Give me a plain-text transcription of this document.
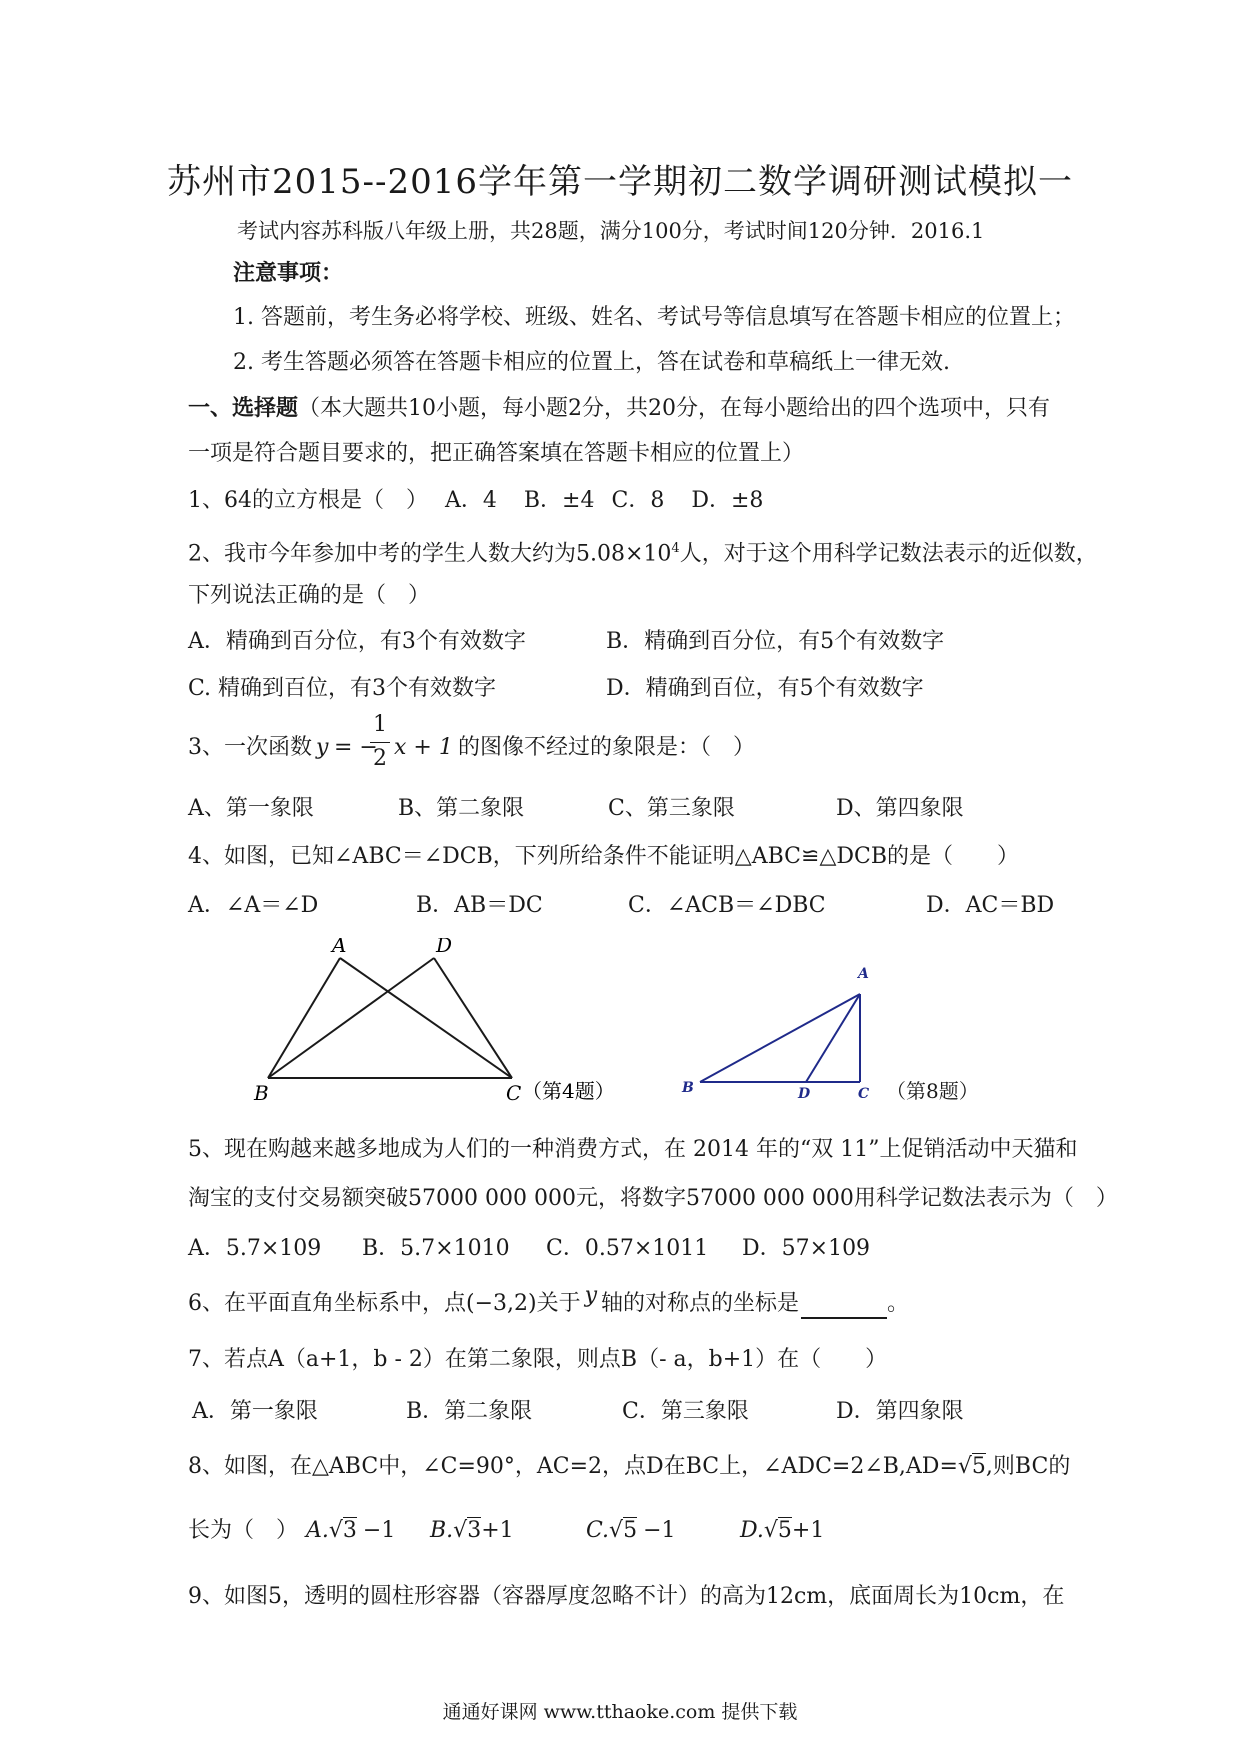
苏州市2015--2016学年第一学期初二数学调研测试模拟一
考试内容苏科版八年级上册，共28题，满分100分，考试时间120分钟．2016.1
注意事项：
1. 答题前，考生务必将学校、班级、姓名、考试号等信息填写在答题卡相应的位置上；
2. 考生答题必须答在答题卡相应的位置上，答在试卷和草稿纸上一律无效.
一、选择题（本大题共10小题，每小题2分，共20分，在每小题给出的四个选项中，只有
一项是符合题目要求的，把正确答案填在答题卡相应的位置上）
1、64的立方根是（　） A．4 B．±4 C．8 D．±8
2、我市今年参加中考的学生人数大约为$5.08\times 10^4$人，对于这个用科学记数法表示的近似数，
下列说法正确的是（　）
A．精确到百分位，有3个有效数字	B．精确到百分位，有5个有效数字
C. 精确到百位，有3个有效数字	D．精确到百位，有5个有效数字
3、一次函数 y = −
1
2 x + 1 的图像不经过的象限是：（　）
A、第一象限	B、第二象限	C、第三象限	D、第四象限
4、如图，已知∠ABC＝∠DCB，下列所给条件不能证明△ABC≌△DCB的是（　　）
A．∠A＝∠D	B．AB＝DC	C．∠ACB＝∠DBC	D．AC＝BD
A	D
B	C （第4题）
A
B	D	C （第8题）
5、现在购越来越多地成为人们的一种消费方式，在 2014 年的“双 11”上促销活动中天猫和
淘宝的支付交易额突破57000 000 000元，将数字57000 000 000用科学记数法表示为（　）
A．5.7×109 B．5.7×1010 C．0.57×1011 D．57×109
6、在平面直角坐标系中，点(−3,2)关于 y 轴的对称点的坐标是	。
7、若点A（a+1，b - 2）在第二象限，则点B（- a，b+1）在（　　）
A．第一象限	B．第二象限	C．第三象限	D．第四象限
8、如图，在△ABC中，∠C=90°，AC=2，点D在BC上，∠ADC=2∠B,AD=√5,则BC的
长为（　） A.√3 −1 B.√3+1	C.√5 −1	D.√5+1
9、如图5，透明的圆柱形容器（容器厚度忽略不计）的高为12cm，底面周长为10cm，在
通通好课网 www.tthaoke.com 提供下载
